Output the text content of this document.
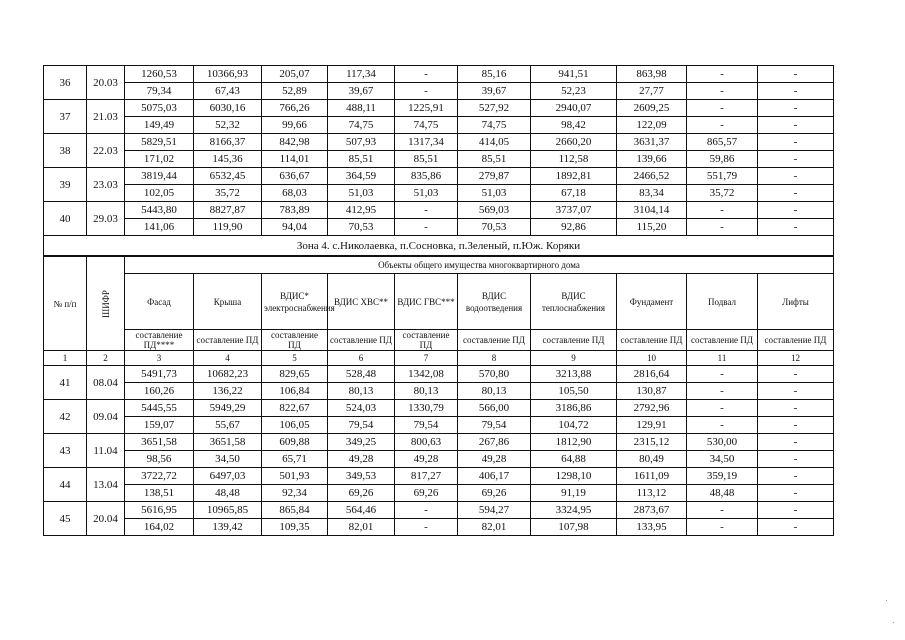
36	20.03	1260,53	10366,93	205,07	117,34	-	85,16	941,51	863,98	-	-
		79,34	67,43	52,89	39,67	-	39,67	52,23	27,77	-	-
37	21.03	5075,03	6030,16	766,26	488,11	1225,91	527,92	2940,07	2609,25	-	-
		149,49	52,32	99,66	74,75	74,75	74,75	98,42	122,09	-	-
38	22.03	5829,51	8166,37	842,98	507,93	1317,34	414,05	2660,20	3631,37	865,57	-
		171,02	145,36	114,01	85,51	85,51	85,51	112,58	139,66	59,86	-
39	23.03	3819,44	6532,45	636,67	364,59	835,86	279,87	1892,81	2466,52	551,79	-
		102,05	35,72	68,03	51,03	51,03	51,03	67,18	83,34	35,72	-
40	29.03	5443,80	8827,87	783,89	412,95	-	569,03	3737,07	3104,14	-	-
		141,06	119,90	94,04	70,53	-	70,53	92,86	115,20	-	-
Зона 4. с.Николаевка, п.Сосновка, п.Зеленый, п.Юж. Коряки											
№ п/п	ШИФР	Объекты общего имущества многоквартирного дома									
		Фасад	Крыша	ВДИС* электроснабжения	ВДИС ХВС**	ВДИС ГВС***	ВДИС водоотведения	ВДИС теплоснабжения	Фундамент	Подвал	Лифты
		составление ПД****	составление ПД	составление ПД	составление ПД	составление ПД	составление ПД	составление ПД	составление ПД	составление ПД	составление ПД
1	2	3	4	5	6	7	8	9	10	11	12
41	08.04	5491,73	10682,23	829,65	528,48	1342,08	570,80	3213,88	2816,64	-	-
		160,26	136,22	106,84	80,13	80,13	80,13	105,50	130,87	-	-
42	09.04	5445,55	5949,29	822,67	524,03	1330,79	566,00	3186,86	2792,96	-	-
		159,07	55,67	106,05	79,54	79,54	79,54	104,72	129,91	-	-
43	11.04	3651,58	3651,58	609,88	349,25	800,63	267,86	1812,90	2315,12	530,00	-
		98,56	34,50	65,71	49,28	49,28	49,28	64,88	80,49	34,50	-
44	13.04	3722,72	6497,03	501,93	349,53	817,27	406,17	1298,10	1611,09	359,19	-
		138,51	48,48	92,34	69,26	69,26	69,26	91,19	113,12	48,48	-
45	20.04	5616,95	10965,85	865,84	564,46	-	594,27	3324,95	2873,67	-	-
		164,02	139,42	109,35	82,01	-	82,01	107,98	133,95	-	-
